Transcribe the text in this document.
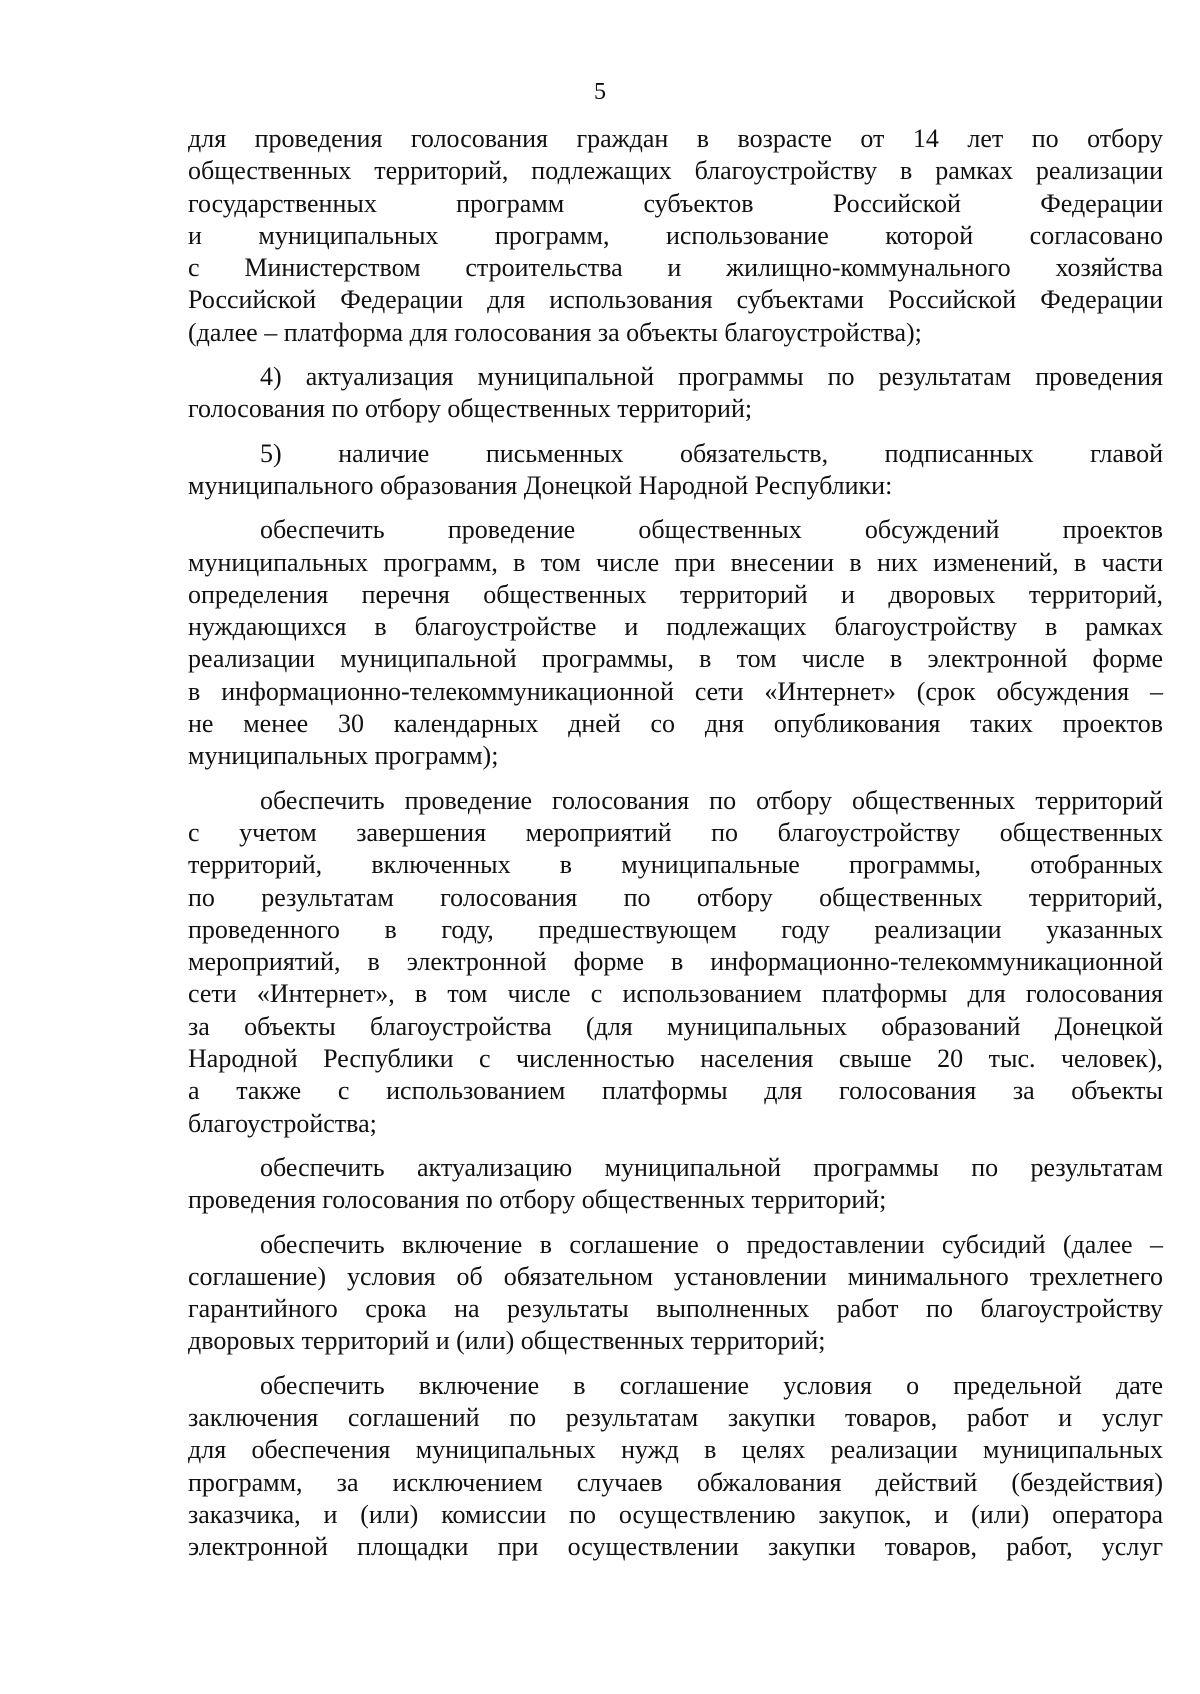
5
для проведения голосования граждан в возрасте от 14 лет по отбору
общественных территорий, подлежащих благоустройству в рамках реализации
государственных программ субъектов Российской Федерации
и муниципальных программ, использование которой согласовано
с Министерством строительства и жилищно-коммунального хозяйства
Российской Федерации для использования субъектами Российской Федерации
(далее – платформа для голосования за объекты благоустройства);
4) актуализация муниципальной программы по результатам проведения
голосования по отбору общественных территорий;
5) наличие письменных обязательств, подписанных главой
муниципального образования Донецкой Народной Республики:
обеспечить проведение общественных обсуждений проектов
муниципальных программ, в том числе при внесении в них изменений, в части
определения перечня общественных территорий и дворовых территорий,
нуждающихся в благоустройстве и подлежащих благоустройству в рамках
реализации муниципальной программы, в том числе в электронной форме
в информационно-телекоммуникационной сети «Интернет» (срок обсуждения –
не менее 30 календарных дней со дня опубликования таких проектов
муниципальных программ);
обеспечить проведение голосования по отбору общественных территорий
с учетом завершения мероприятий по благоустройству общественных
территорий, включенных в муниципальные программы, отобранных
по результатам голосования по отбору общественных территорий,
проведенного в году, предшествующем году реализации указанных
мероприятий, в электронной форме в информационно-телекоммуникационной
сети «Интернет», в том числе с использованием платформы для голосования
за объекты благоустройства (для муниципальных образований Донецкой
Народной Республики с численностью населения свыше 20 тыс. человек),
а также с использованием платформы для голосования за объекты
благоустройства;
обеспечить актуализацию муниципальной программы по результатам
проведения голосования по отбору общественных территорий;
обеспечить включение в соглашение о предоставлении субсидий (далее –
соглашение) условия об обязательном установлении минимального трехлетнего
гарантийного срока на результаты выполненных работ по благоустройству
дворовых территорий и (или) общественных территорий;
обеспечить включение в соглашение условия о предельной дате
заключения соглашений по результатам закупки товаров, работ и услуг
для обеспечения муниципальных нужд в целях реализации муниципальных
программ, за исключением случаев обжалования действий (бездействия)
заказчика, и (или) комиссии по осуществлению закупок, и (или) оператора
электронной площадки при осуществлении закупки товаров, работ, услуг
